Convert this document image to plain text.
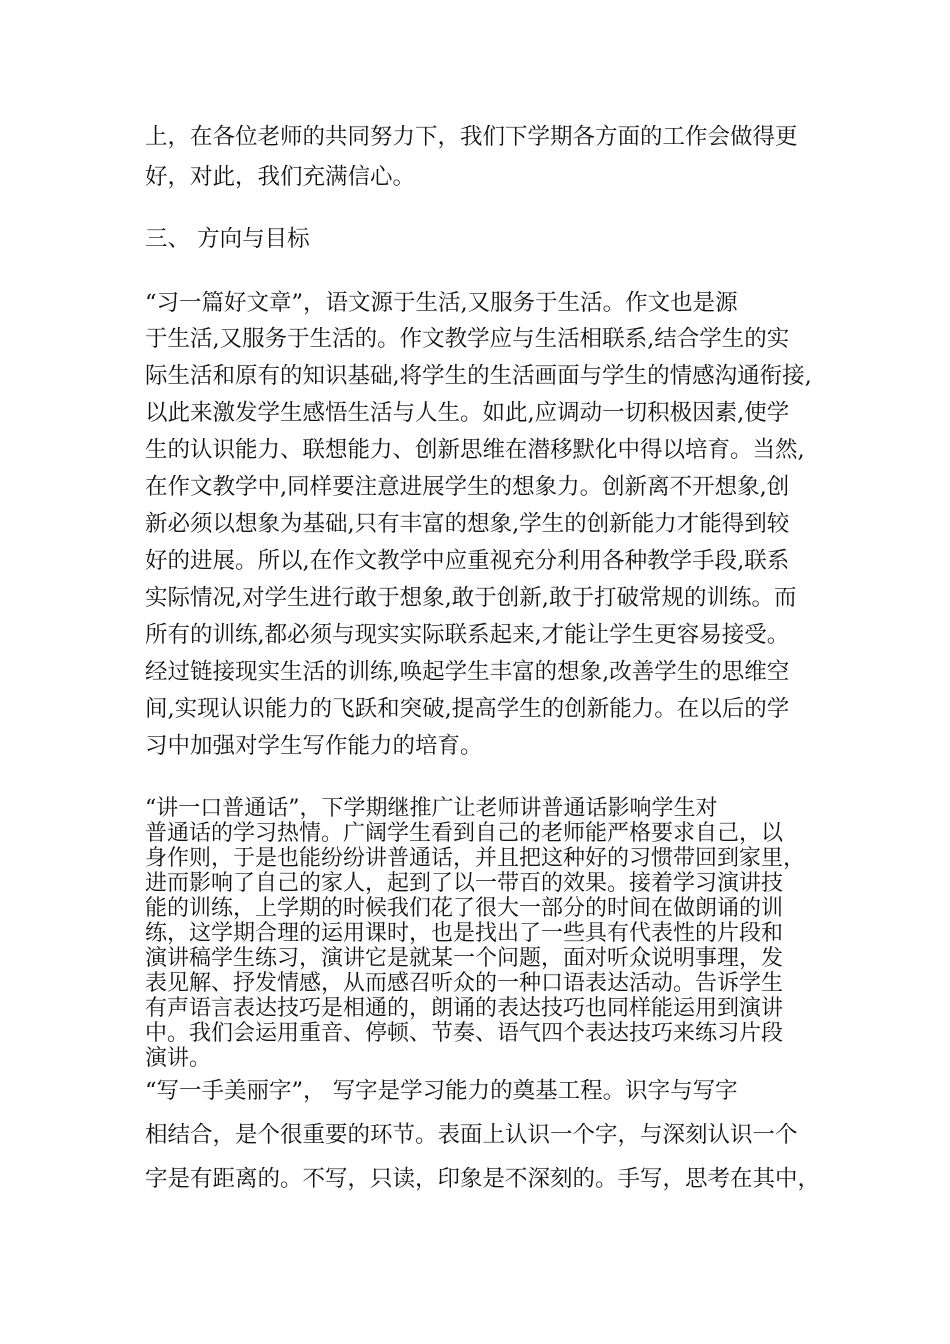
上，在各位老师的共同努力下，我们下学期各方面的工作会做得更
好，对此，我们充满信心。
三、 方向与目标
“习一篇好文章”，语文源于生活,又服务于生活。作文也是源
于生活,又服务于生活的。作文教学应与生活相联系,结合学生的实
际生活和原有的知识基础,将学生的生活画面与学生的情感沟通衔接,
以此来激发学生感悟生活与人生。如此,应调动一切积极因素,使学
生的认识能力、联想能力、创新思维在潜移默化中得以培育。当然,
在作文教学中,同样要注意进展学生的想象力。创新离不开想象,创
新必须以想象为基础,只有丰富的想象,学生的创新能力才能得到较
好的进展。所以,在作文教学中应重视充分利用各种教学手段,联系
实际情况,对学生进行敢于想象,敢于创新,敢于打破常规的训练。而
所有的训练,都必须与现实实际联系起来,才能让学生更容易接受。
经过链接现实生活的训练,唤起学生丰富的想象,改善学生的思维空
间,实现认识能力的飞跃和突破,提高学生的创新能力。在以后的学
习中加强对学生写作能力的培育。
“讲一口普通话”，下学期继推广让老师讲普通话影响学生对
普通话的学习热情。广阔学生看到自己的老师能严格要求自己，以
身作则，于是也能纷纷讲普通话，并且把这种好的习惯带回到家里，
进而影响了自己的家人，起到了以一带百的效果。接着学习演讲技
能的训练，上学期的时候我们花了很大一部分的时间在做朗诵的训
练，这学期合理的运用课时，也是找出了一些具有代表性的片段和
演讲稿学生练习，演讲它是就某一个问题，面对听众说明事理，发
表见解、抒发情感，从而感召听众的一种口语表达活动。告诉学生
有声语言表达技巧是相通的，朗诵的表达技巧也同样能运用到演讲
中。我们会运用重音、停顿、节奏、语气四个表达技巧来练习片段
演讲。
“写一手美丽字”， 写字是学习能力的奠基工程。识字与写字
相结合，是个很重要的环节。表面上认识一个字，与深刻认识一个
字是有距离的。不写，只读，印象是不深刻的。手写，思考在其中，
